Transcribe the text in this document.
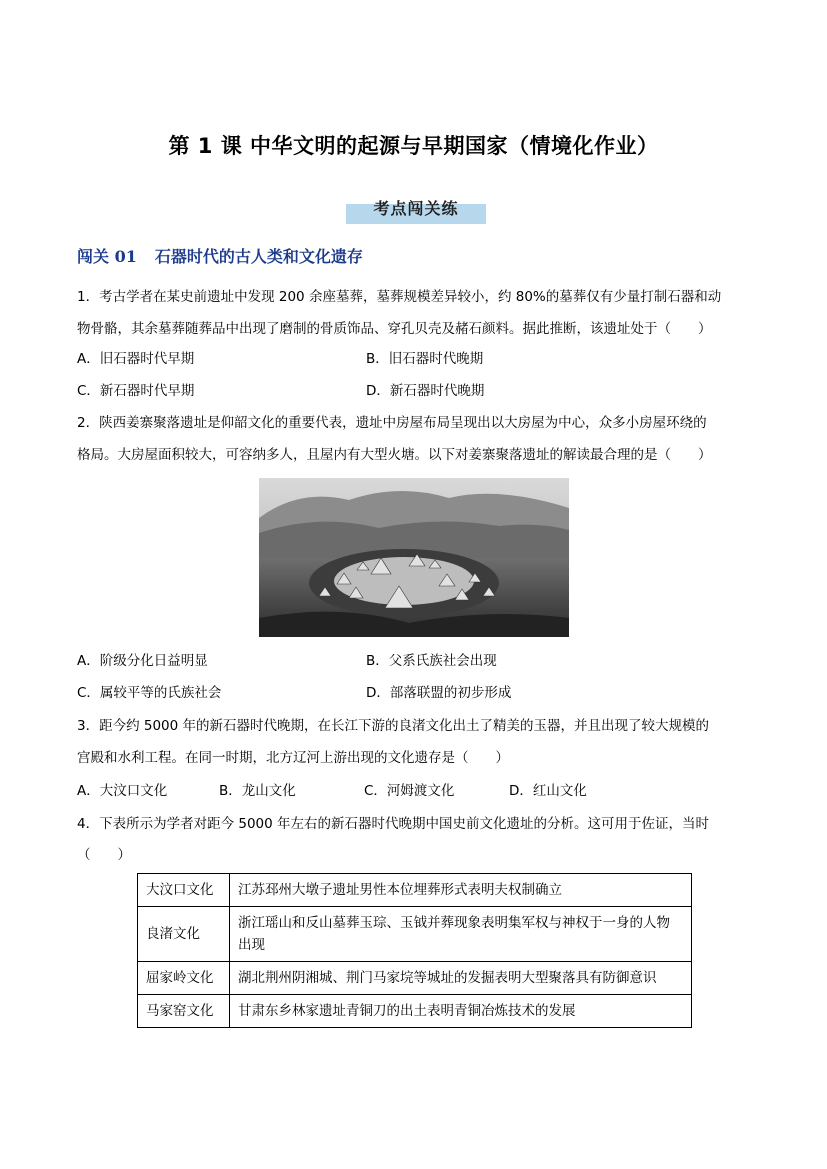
第 1 课 中华文明的起源与早期国家（情境化作业）
考点闯关练
闯关 01 石器时代的古人类和文化遗存
1．考古学者在某史前遗址中发现 200 余座墓葬，墓葬规模差异较小，约 80%的墓葬仅有少量打制石器和动
物骨骼，其余墓葬随葬品中出现了磨制的骨质饰品、穿孔贝壳及赭石颜料。据此推断，该遗址处于（　　）
A．旧石器时代早期	B．旧石器时代晚期
C．新石器时代早期	D．新石器时代晚期
2．陕西姜寨聚落遗址是仰韶文化的重要代表，遗址中房屋布局呈现出以大房屋为中心，众多小房屋环绕的
格局。大房屋面积较大，可容纳多人，且屋内有大型火塘。以下对姜寨聚落遗址的解读最合理的是（　　）
A．阶级分化日益明显	B．父系氏族社会出现
C．属较平等的氏族社会	D．部落联盟的初步形成
3．距今约 5000 年的新石器时代晚期，在长江下游的良渚文化出土了精美的玉器，并且出现了较大规模的
宫殿和水利工程。在同一时期，北方辽河上游出现的文化遗存是（　　）
A．大汶口文化	B．龙山文化	C．河姆渡文化	D．红山文化
4．下表所示为学者对距今 5000 年左右的新石器时代晚期中国史前文化遗址的分析。这可用于佐证，当时
（　　）
大汶口文化	江苏邳州大墩子遗址男性本位埋葬形式表明夫权制确立
良渚文化	浙江瑶山和反山墓葬玉琮、玉钺并葬现象表明集军权与神权于一身的人物出现
屈家岭文化	湖北荆州阴湘城、荆门马家垸等城址的发掘表明大型聚落具有防御意识
马家窑文化	甘肃东乡林家遗址青铜刀的出土表明青铜冶炼技术的发展
